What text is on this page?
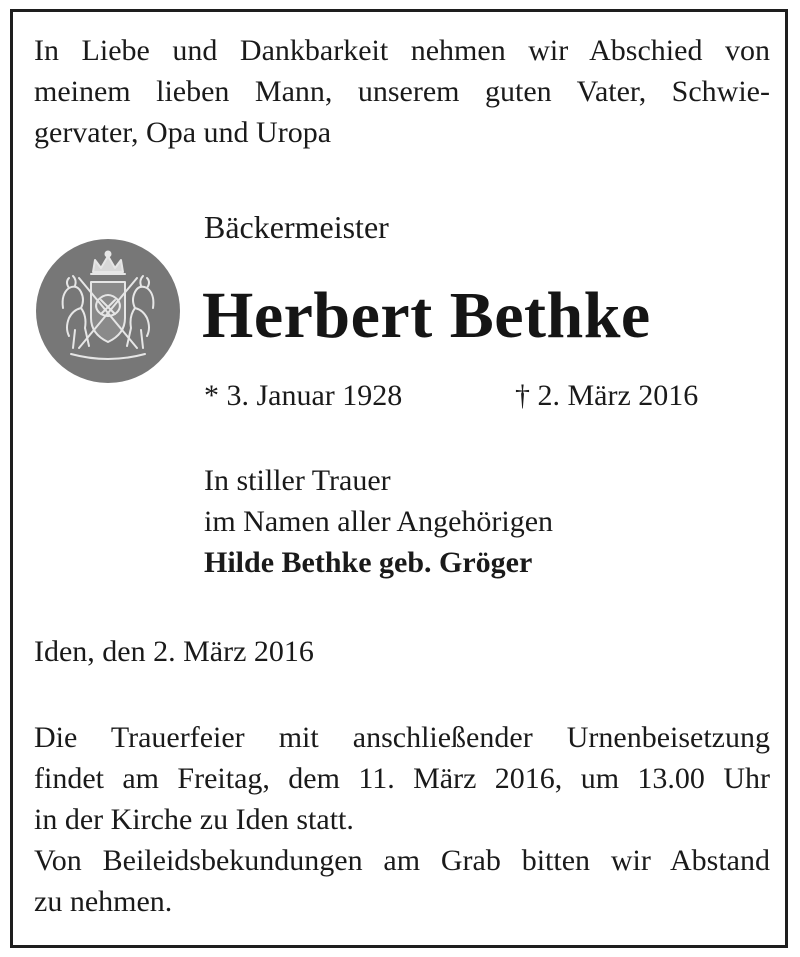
In Liebe und Dankbarkeit nehmen wir Abschied von
meinem lieben Mann, unserem guten Vater, Schwie-
gervater, Opa und Uropa

Bäckermeister

Herbert Bethke

* 3. Januar 1928	† 2. März 2016
In stiller Trauer
im Namen aller Angehörigen
Hilde Bethke geb. Gröger
Iden, den 2. März 2016
Die Trauerfeier mit anschließender Urnenbeisetzung
findet am Freitag, dem 11. März 2016, um 13.00 Uhr
in der Kirche zu Iden statt.
Von Beileidsbekundungen am Grab bitten wir Abstand
zu nehmen.
